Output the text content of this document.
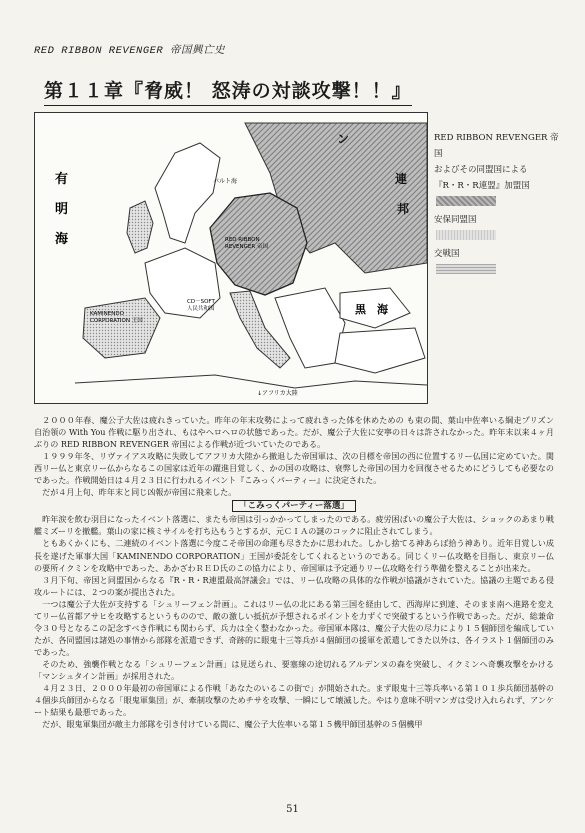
RED RIBBON REVENGER 帝国興亡史
第１１章『脅威！ 怒涛の対談攻撃！！』
有
明
海
バルト海
ン
連
邦
黒　海
KAMINENDO
CORPORATION 王国
RED RIBBON
REVENGER 帝国
CD－SOFT
人民共和国
↓アフリカ大陸
RED RIBBON REVENGER 帝国
およびその同盟国による
『R・R・R連盟』加盟国
安保同盟国
交戦国

２０００年春、魔公子大佐は疲れきっていた。昨年の年末攻勢によって疲れきった体を休めための も束の間、葉山中佐率いる綱走プリズン自治領の With You 作戦に駆り出され、もはやヘロヘロの状態であった。だが、魔公子大佐に安寧の日々は許されなかった。昨年末以来４ヶ月ぶりの RED RIBBON REVENGER 帝国による作戦が近づいていたのである。

１９９９年冬、リヴァイアス攻略に失敗してアフリカ大陸から撤退した帝国軍は、次の目標を帝国の西に位置するリー仏国に定めていた。関西リー仏と東京リー仏からなるこの国家は近年の躍進目覚しく、かの国の攻略は、衰弊した帝国の国力を回復させるためにどうしても必要なのであった。作戦開始日は４月２３日に行われるイベント『こみっくパーティー』に決定された。

だが４月上旬、昨年末と同じ凶報が帝国に飛来した。

「こみっくパーティー落選」

昨年涙を飲む羽目になったイベント落選に、またも帝国は引っかかってしまったのである。疲労困ぱいの魔公子大佐は、ショックのあまり戦艦ミズーリを撤艦。葉山の家に核ミサイルを打ち込もうとするが、元ＣＩＡの謎のコックに阻止されてしまう。

ともあくかくにも、二連続のイベント落選に今度こそ帝国の命運も尽きたかに思われた。しかし捨てる神あらば拾う神あり。近年目覚しい成長を遂げた軍事大国「KAMINENDO CORPORATION」王国が委託をしてくれるというのである。同じくリー仏攻略を目指し、東京リー仏の要所イクミンを攻略中であった、あかざわＲＥＤ氏のこの協力により、帝国軍は予定通りリー仏攻略を行う準備を整えることが出来た。

３月下旬、帝国と同盟国からなる『R・R・R連盟最高評議会』では、リー仏攻略の具体的な作戦が協議がされていた。協議の主題である侵攻ルートには、２つの案が提出された。

一つは魔公子大佐が支持する「シュリーフェン計画」。これはリー仏の北にある第三国を経由して、西海岸に到達、そのまま南へ進路を変えてリー仏首都アサヒを攻略するというものので、敵の激しい抵抗が予想されるポイントを力ずくで突破するという作戦であった。だが、総兼命令３０号となるこの記念すべき作戦にも関わらず、兵力は全く整わなかった。帝国軍本隊は、魔公子大佐の尽力により１５個師団を編成していたが、各同盟国は諸処の事情から部隊を派遣できず、奇跡的に眼鬼十三等兵が４個師団の援軍を派遣してきた以外は、各イラスト１個師団のみであった。

そのため、強襲作戦となる「シュリーフェン計画」は見送られ、要塞線の途切れるアルデンヌの森を突破し、イクミンへ奇襲攻撃をかける「マンシュタイン計画」が採用された。

４月２３日、２０００年最初の帝国軍による作戦「あなたのいるこの街で」が開始された。まず眼鬼十三等兵率いる第１０１歩兵師団基幹の４個歩兵師団からなる「眼鬼軍集団」が、牽制攻撃のためチサを攻撃、一瞬にして壊滅した。やはり意味不明マンガは受け入れられず、アンケート結果も最悪であった。

だが、眼鬼軍集団が敵主力部隊を引き付けている間に、魔公子大佐率いる第１５機甲師団基幹の５個機甲

51
